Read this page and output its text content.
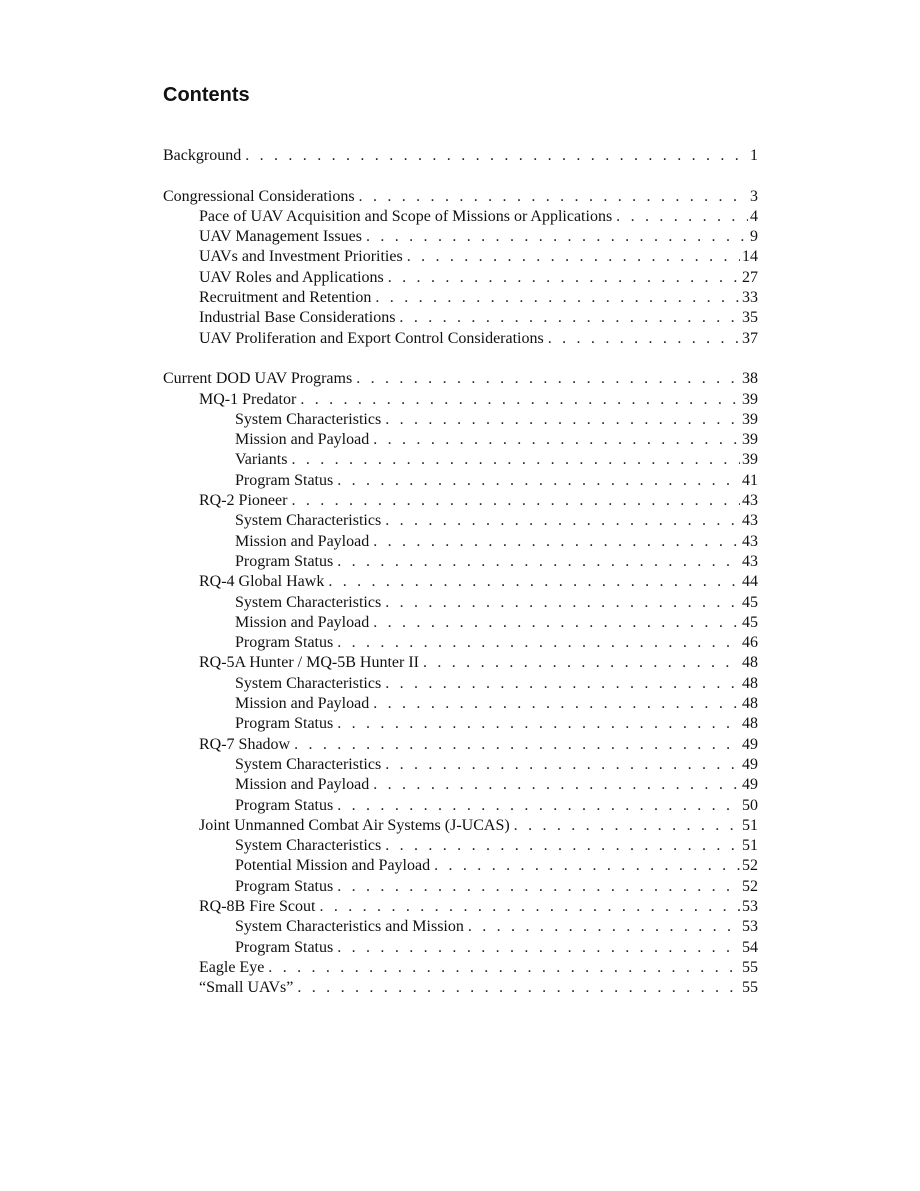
Contents
Background . . .	1
Congressional Considerations . . .	3
Pace of UAV Acquisition and Scope of Missions or Applications . . .	4
UAV Management Issues . . .	9
UAVs and Investment Priorities . . .	14
UAV Roles and Applications . . .	27
Recruitment and Retention . . .	33
Industrial Base Considerations . . .	35
UAV Proliferation and Export Control Considerations . . .	37
Current DOD UAV Programs . . .	38
MQ-1 Predator . . .	39
System Characteristics . . .	39
Mission and Payload . . .	39
Variants . . .	39
Program Status . . .	41
RQ-2 Pioneer . . .	43
System Characteristics . . .	43
Mission and Payload . . .	43
Program Status . . .	43
RQ-4 Global Hawk . . .	44
System Characteristics . . .	45
Mission and Payload . . .	45
Program Status . . .	46
RQ-5A Hunter / MQ-5B Hunter II . . .	48
System Characteristics . . .	48
Mission and Payload . . .	48
Program Status . . .	48
RQ-7 Shadow . . .	49
System Characteristics . . .	49
Mission and Payload . . .	49
Program Status . . .	50
Joint Unmanned Combat Air Systems (J-UCAS) . . .	51
System Characteristics . . .	51
Potential Mission and Payload . . .	52
Program Status . . .	52
RQ-8B Fire Scout . . .	53
System Characteristics and Mission . . .	53
Program Status . . .	54
Eagle Eye . . .	55
“Small UAVs” . . .	55
